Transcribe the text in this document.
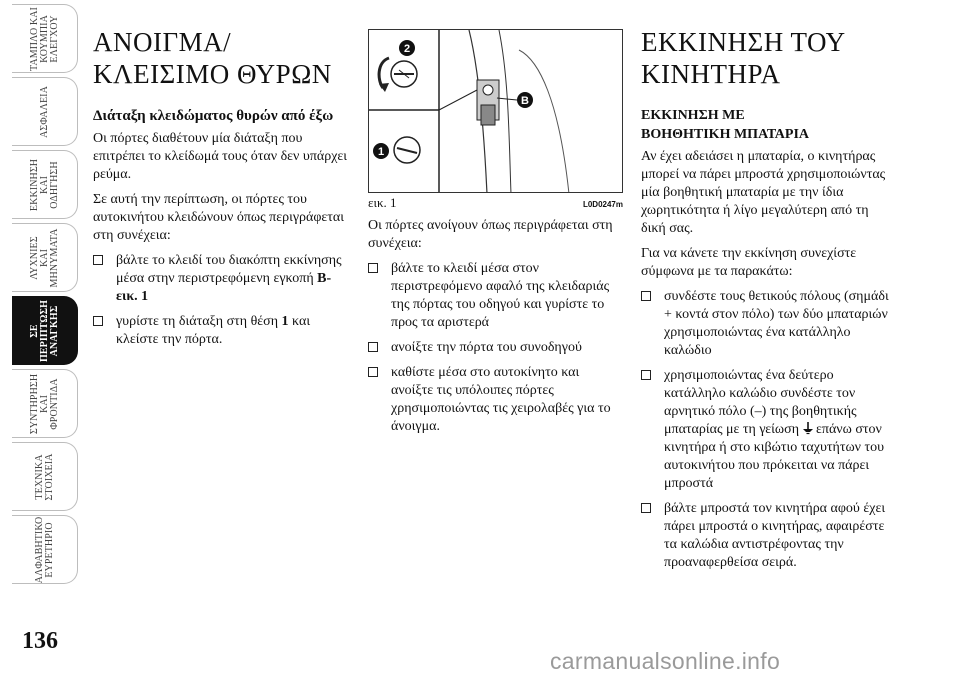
ΤΑΜΠΛΟ ΚΑΙ
ΚΟΥΜΠΙΑ
ΕΛΕΓΧΟΥ
ΑΣΦΑΛΕΙΑ
ΕΚΚΙΝΗΣΗ
ΚΑΙ
ΟΔΗΓΗΣΗ
ΛΥΧΝΙΕΣ
ΚΑΙ
ΜΗΝΥΜΑΤΑ
ΣΕ
ΠΕΡΙΠΤΩΣΗ
ΑΝΑΓΚΗΣ
ΣΥΝΤΗΡΗΣΗ
ΚΑΙ
ΦΡΟΝΤΙΔΑ
ΤΕΧΝΙΚΑ
ΣΤΟΙΧΕΙΑ
ΑΛΦΑΒΗΤΙΚΟ
ΕΥΡΕΤΗΡΙΟ
136
ΑΝΟΙΓΜΑ/
ΚΛΕΙΣΙΜΟ ΘΥΡΩΝ
Διάταξη κλειδώματος θυρών από έξω

Οι πόρτες διαθέτουν μία διάταξη που επιτρέπει το κλείδωμά τους όταν δεν υπάρχει ρεύμα.

Σε αυτή την περίπτωση, οι πόρτες του αυτοκινήτου κλειδώνουν όπως περιγράφεται στη συνέχεια:

βάλτε το κλειδί του διακόπτη εκκίνησης μέσα στην περιστρεφόμενη εγκοπή B-εικ. 1
γυρίστε τη διάταξη στη θέση 1 και κλείστε την πόρτα.
2
1
B
εικ. 1	L0D0247m

Οι πόρτες ανοίγουν όπως περιγράφεται στη συνέχεια:

βάλτε το κλειδί μέσα στον περιστρεφόμενο αφαλό της κλειδαριάς της πόρτας του οδηγού και γυρίστε το προς τα αριστερά
ανοίξτε την πόρτα του συνοδηγού
καθίστε μέσα στο αυτοκίνητο και ανοίξτε τις υπόλοιπες πόρτες χρησιμοποιώντας τις χειρολαβές για το άνοιγμα.
ΕΚΚΙΝΗΣΗ ΤΟΥ
ΚΙΝΗΤΗΡΑ
ΕΚΚΙΝΗΣΗ ΜΕ
ΒΟΗΘΗΤΙΚΗ ΜΠΑΤΑΡΙΑ

Αν έχει αδειάσει η μπαταρία, ο κινητήρας μπορεί να πάρει μπροστά χρησιμοποιώντας μία βοηθητική μπαταρία με την ίδια χωρητικότητα ή λίγο μεγαλύτερη από τη δική σας.

Για να κάνετε την εκκίνηση συνεχίστε σύμφωνα με τα παρακάτω:

συνδέστε τους θετικούς πόλους (σημάδι + κοντά στον πόλο) των δύο μπαταριών χρησιμοποιώντας ένα κατάλληλο καλώδιο
χρησιμοποιώντας ένα δεύτερο κατάλληλο καλώδιο συνδέστε τον αρνητικό πόλο (–) της βοηθητικής μπαταρίας με τη γείωση  επάνω στον κινητήρα ή στο κιβώτιο ταχυτήτων του αυτοκινήτου που πρόκειται να πάρει μπροστά
βάλτε μπροστά τον κινητήρα αφού έχει πάρει μπροστά ο κινητήρας, αφαιρέστε τα καλώδια αντιστρέφοντας την προαναφερθείσα σειρά.
carmanualsonline.info
